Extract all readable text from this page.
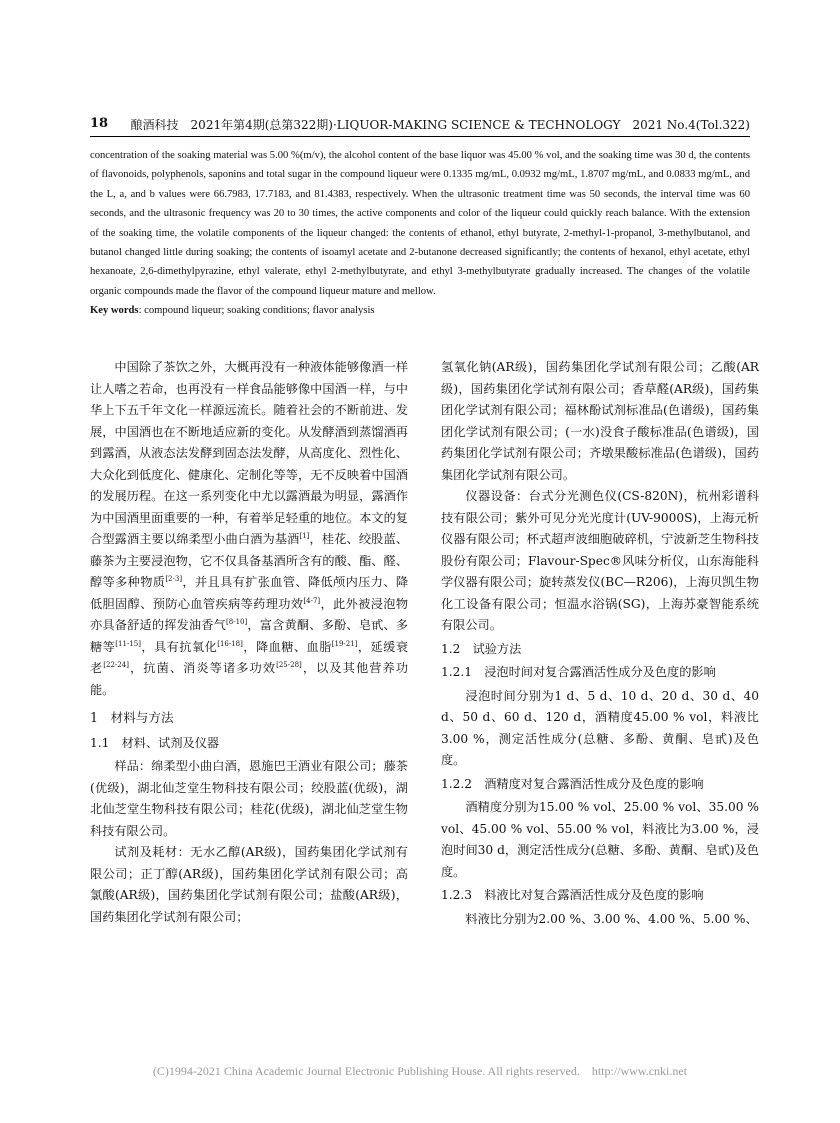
18 酿酒科技　2021年第4期(总第322期)·LIQUOR-MAKING SCIENCE & TECHNOLOGY　2021 No.4(Tol.322)

concentration of the soaking material was 5.00 %(m/v), the alcohol content of the base liquor was 45.00 % vol, and the soaking time was 30 d, the contents of flavonoids, polyphenols, saponins and total sugar in the compound liqueur were 0.1335 mg/mL, 0.0932 mg/mL, 1.8707 mg/mL, and 0.0833 mg/mL, and the L, a, and b values were 66.7983, 17.7183, and 81.4383, respectively. When the ultrasonic treatment time was 50 seconds, the interval time was 60 seconds, and the ultrasonic frequency was 20 to 30 times, the active components and color of the liqueur could quickly reach balance. With the extension of the soaking time, the volatile components of the liqueur changed: the contents of ethanol, ethyl butyrate, 2-methyl-1-propanol, 3-methylbutanol, and butanol changed little during soaking; the contents of isoamyl acetate and 2-butanone decreased significantly; the contents of hexanol, ethyl acetate, ethyl hexanoate, 2,6-dimethylpyrazine, ethyl valerate, ethyl 2-methylbutyrate, and ethyl 3-methylbutyrate gradually increased. The changes of the volatile organic compounds made the flavor of the compound liqueur mature and mellow.

Key words: compound liqueur; soaking conditions; flavor analysis

中国除了茶饮之外，大概再没有一种液体能够像酒一样让人嗜之若命，也再没有一样食品能够像中国酒一样，与中华上下五千年文化一样源远流长。随着社会的不断前进、发展，中国酒也在不断地适应新的变化。从发酵酒到蒸馏酒再到露酒，从液态法发酵到固态法发酵，从高度化、烈性化、大众化到低度化、健康化、定制化等等，无不反映着中国酒的发展历程。在这一系列变化中尤以露酒最为明显，露酒作为中国酒里面重要的一种，有着举足轻重的地位。本文的复合型露酒主要以绵柔型小曲白酒为基酒[1]，桂花、绞股蓝、藤茶为主要浸泡物，它不仅具备基酒所含有的酸、酯、醛、醇等多种物质[2-3]，并且具有扩张血管、降低颅内压力、降低胆固醇、预防心血管疾病等药理功效[4-7]，此外被浸泡物亦具备舒适的挥发油香气[8-10]，富含黄酮、多酚、皂甙、多糖等[11-15]，具有抗氧化[16-18]，降血糖、血脂[19-21]，延缓衰老[22-24]，抗菌、消炎等诸多功效[25-28]，以及其他营养功能。

1　材料与方法

1.1　材料、试剂及仪器

样品：绵柔型小曲白酒，恩施巴王酒业有限公司；藤茶(优级)，湖北仙芝堂生物科技有限公司；绞股蓝(优级)，湖北仙芝堂生物科技有限公司；桂花(优级)，湖北仙芝堂生物科技有限公司。

试剂及耗材：无水乙醇(AR级)，国药集团化学试剂有限公司；正丁醇(AR级)，国药集团化学试剂有限公司；高氯酸(AR级)，国药集团化学试剂有限公司；盐酸(AR级)，国药集团化学试剂有限公司；

氢氧化钠(AR级)，国药集团化学试剂有限公司；乙酸(AR级)，国药集团化学试剂有限公司；香草醛(AR级)，国药集团化学试剂有限公司；福林酚试剂标准品(色谱级)，国药集团化学试剂有限公司；(一水)没食子酸标准品(色谱级)，国药集团化学试剂有限公司；齐墩果酸标准品(色谱级)，国药集团化学试剂有限公司。

仪器设备：台式分光测色仪(CS-820N)，杭州彩谱科技有限公司；紫外可见分光光度计(UV-9000S)，上海元析仪器有限公司；杯式超声波细胞破碎机，宁波新芝生物科技股份有限公司；Flavour-Spec®风味分析仪，山东海能科学仪器有限公司；旋转蒸发仪(BC—R206)，上海贝凯生物化工设备有限公司；恒温水浴锅(SG)，上海苏豪智能系统有限公司。

1.2　试验方法

1.2.1　浸泡时间对复合露酒活性成分及色度的影响

浸泡时间分别为1 d、5 d、10 d、20 d、30 d、40 d、50 d、60 d、120 d，酒精度45.00 % vol，料液比3.00 %，测定活性成分(总糖、多酚、黄酮、皂甙)及色度。

1.2.2　酒精度对复合露酒活性成分及色度的影响

酒精度分别为15.00 % vol、25.00 % vol、35.00 % vol、45.00 % vol、55.00 % vol，料液比为3.00 %，浸泡时间30 d，测定活性成分(总糖、多酚、黄酮、皂甙)及色度。

1.2.3　料液比对复合露酒活性成分及色度的影响

料液比分别为2.00 %、3.00 %、4.00 %、5.00 %、

(C)1994-2021 China Academic Journal Electronic Publishing House. All rights reserved.　http://www.cnki.net
